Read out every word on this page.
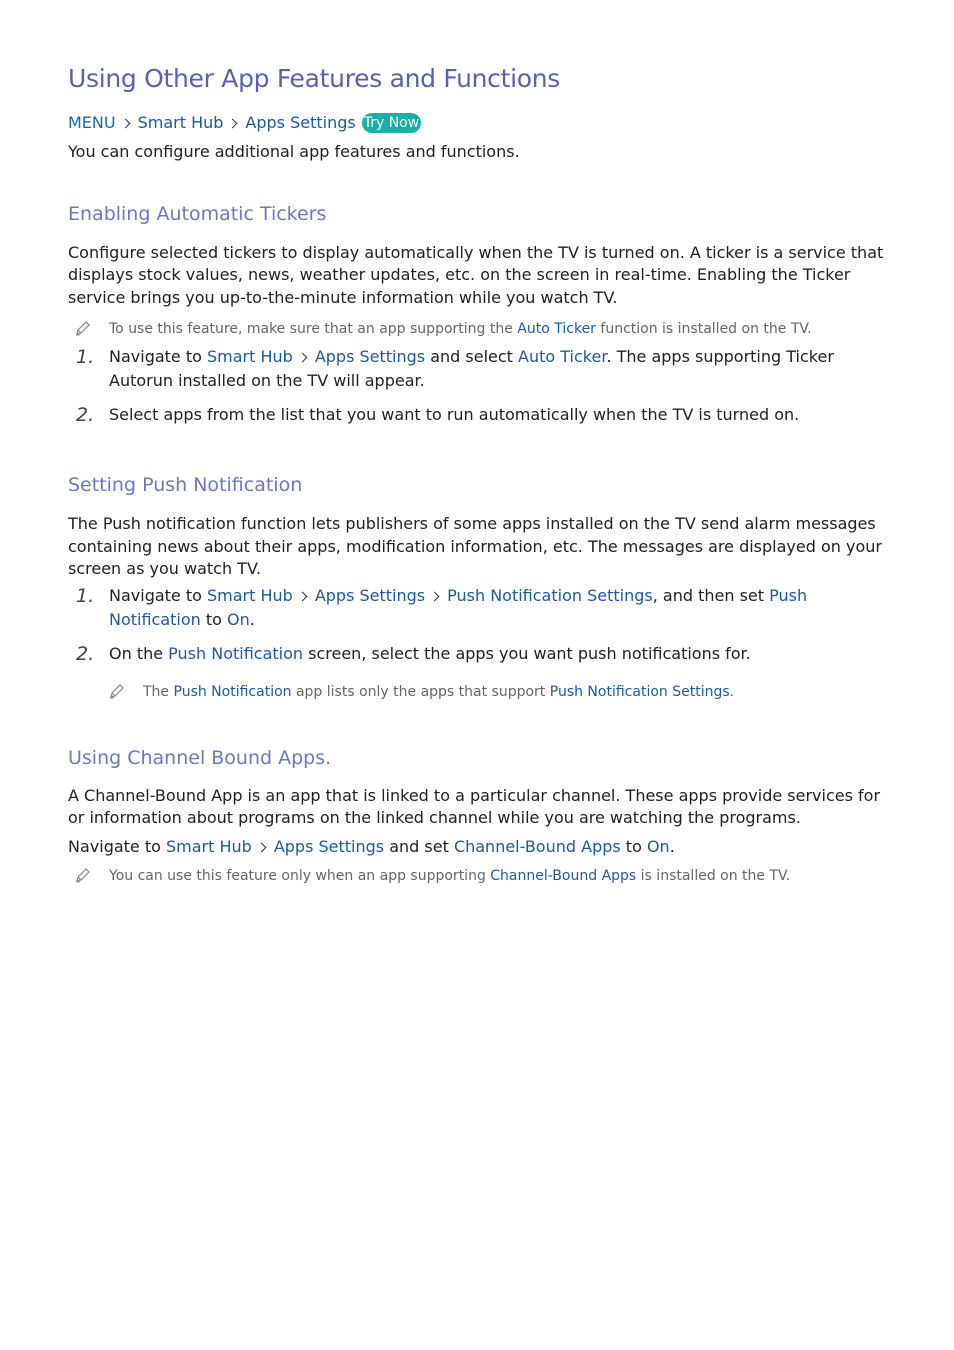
Using Other App Features and Functions
MENU Smart Hub Apps Settings Try Now

You can configure additional app features and functions.

Enabling Automatic Tickers

Configure selected tickers to display automatically when the TV is turned on. A ticker is a service that displays stock values, news, weather updates, etc. on the screen in real-time. Enabling the Ticker service brings you up-to-the-minute information while you watch TV.

To use this feature, make sure that an app supporting the Auto Ticker function is installed on the TV.
1. Navigate to Smart Hub Apps Settings and select Auto Ticker. The apps supporting Ticker Autorun installed on the TV will appear.
2. Select apps from the list that you want to run automatically when the TV is turned on.
Setting Push Notification

The Push notification function lets publishers of some apps installed on the TV send alarm messages containing news about their apps, modification information, etc. The messages are displayed on your screen as you watch TV.

1. Navigate to Smart Hub Apps Settings Push Notification Settings, and then set Push Notification to On.
2. On the Push Notification screen, select the apps you want push notifications for.
The Push Notification app lists only the apps that support Push Notification Settings.
Using Channel Bound Apps.

A Channel-Bound App is an app that is linked to a particular channel. These apps provide services for or information about programs on the linked channel while you are watching the programs.

Navigate to Smart Hub Apps Settings and set Channel-Bound Apps to On.

You can use this feature only when an app supporting Channel-Bound Apps is installed on the TV.
